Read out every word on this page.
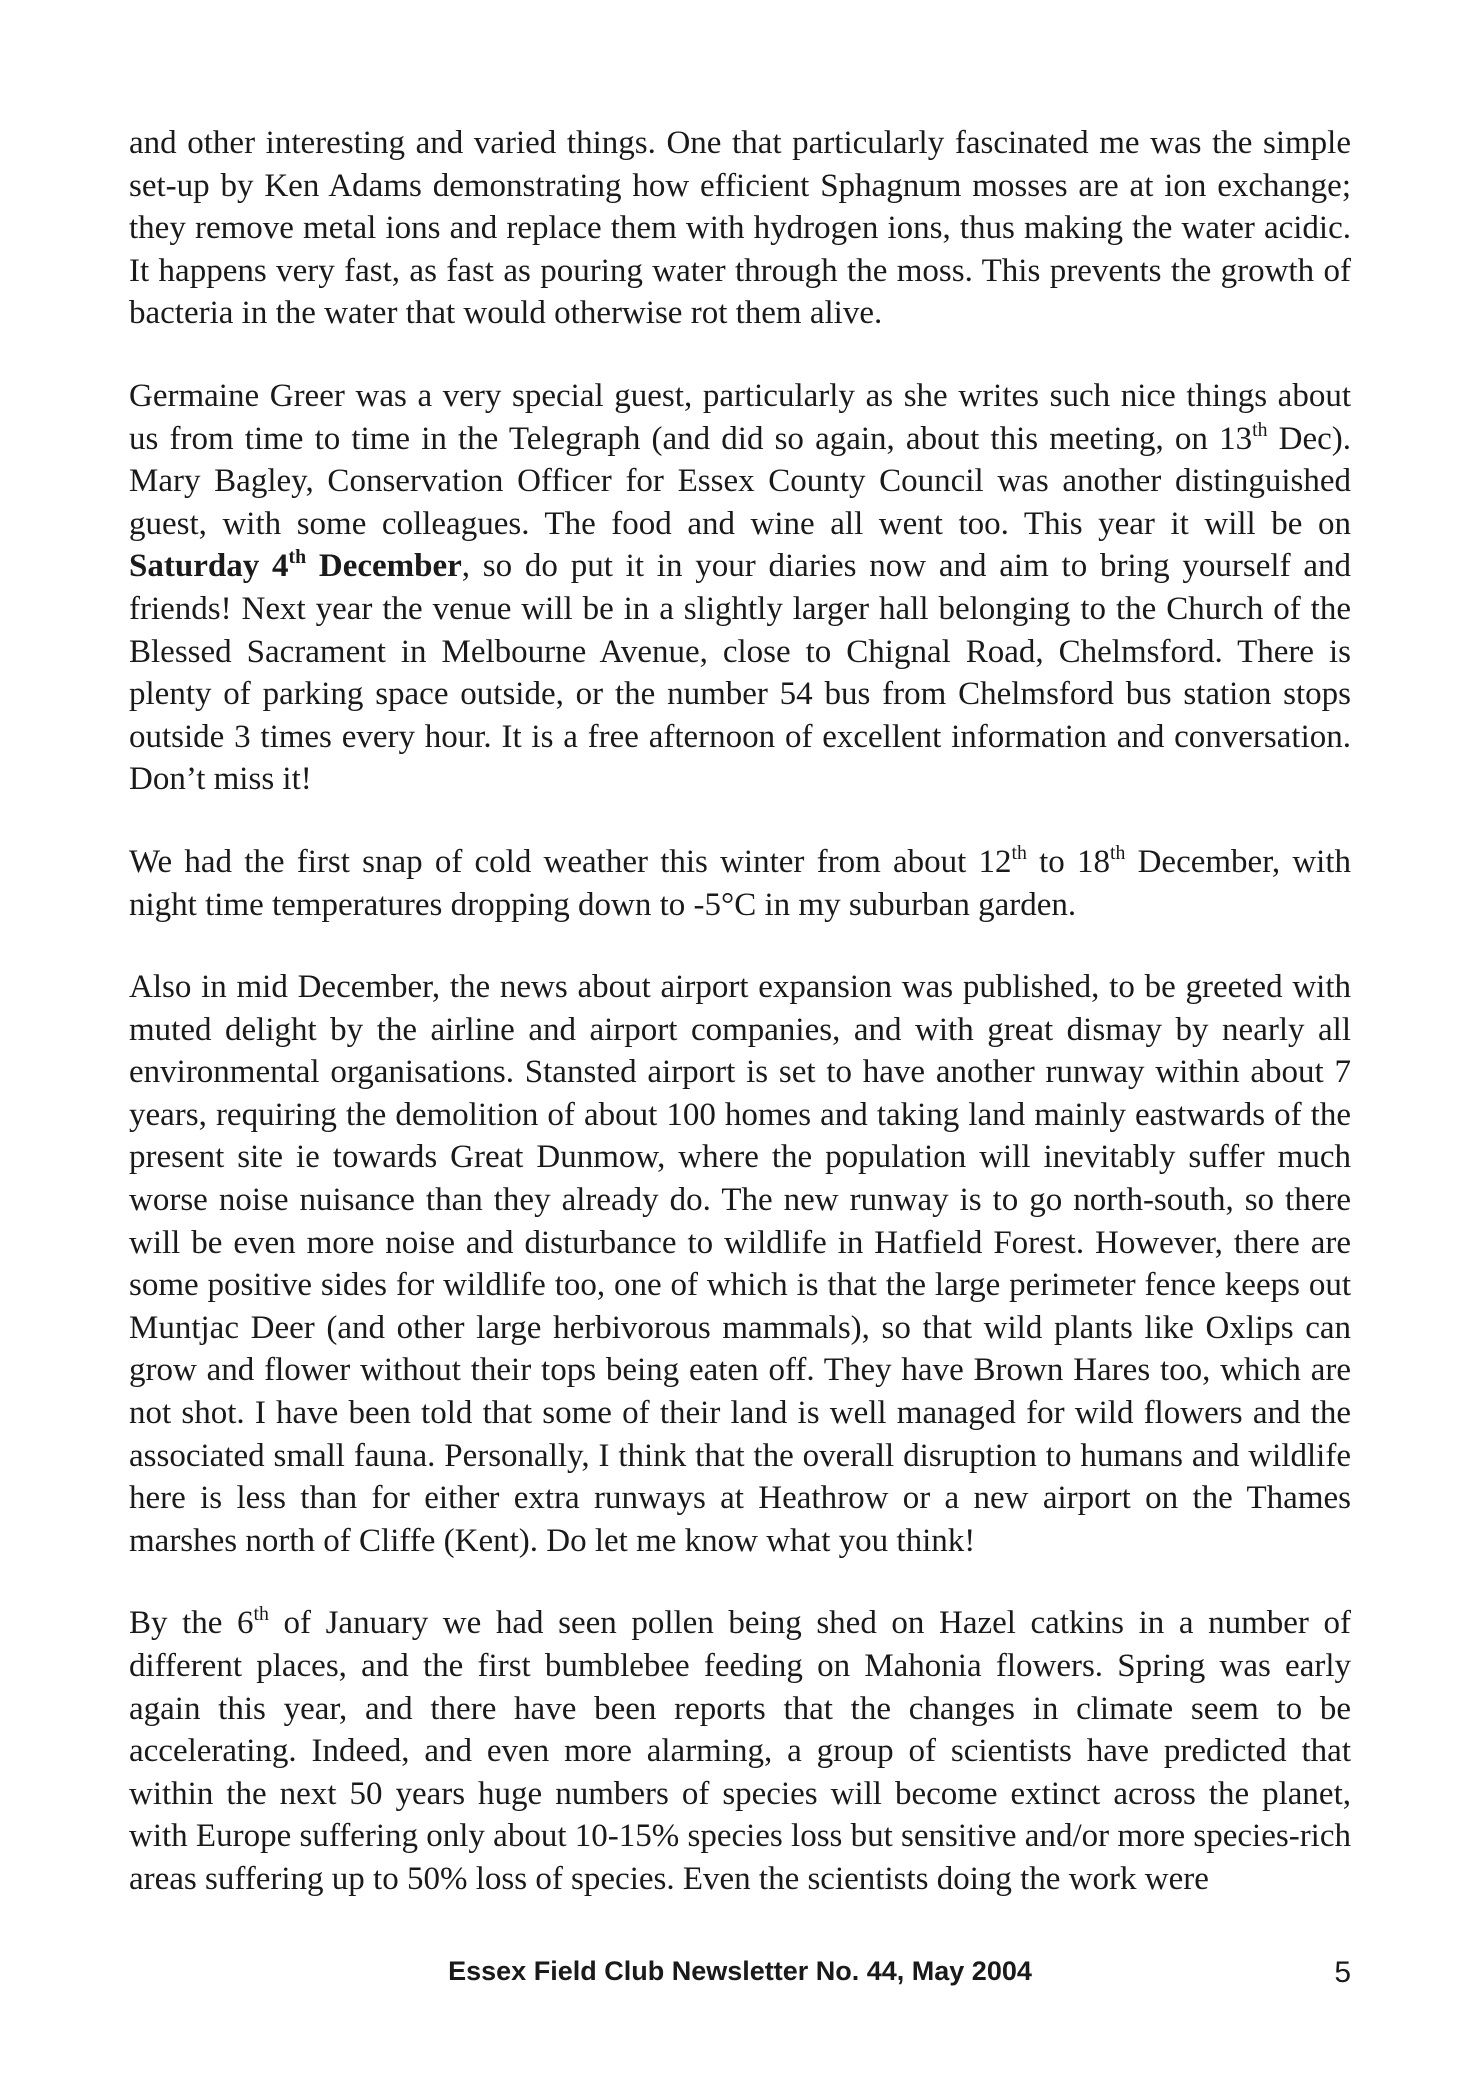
and other interesting and varied things. One that particularly fascinated me was the simple set-up by Ken Adams demonstrating how efficient Sphagnum mosses are at ion exchange; they remove metal ions and replace them with hydrogen ions, thus making the water acidic. It happens very fast, as fast as pouring water through the moss. This prevents the growth of bacteria in the water that would otherwise rot them alive.

Germaine Greer was a very special guest, particularly as she writes such nice things about us from time to time in the Telegraph (and did so again, about this meeting, on 13th Dec). Mary Bagley, Conservation Officer for Essex County Council was another distinguished guest, with some colleagues. The food and wine all went too. This year it will be on Saturday 4th December, so do put it in your diaries now and aim to bring yourself and friends! Next year the venue will be in a slightly larger hall belonging to the Church of the Blessed Sacrament in Melbourne Avenue, close to Chignal Road, Chelmsford. There is plenty of parking space outside, or the number 54 bus from Chelmsford bus station stops outside 3 times every hour. It is a free afternoon of excellent information and conversation. Don’t miss it!

We had the first snap of cold weather this winter from about 12th to 18th December, with night time temperatures dropping down to -5°C in my suburban garden.

Also in mid December, the news about airport expansion was published, to be greeted with muted delight by the airline and airport companies, and with great dismay by nearly all environmental organisations. Stansted airport is set to have another runway within about 7 years, requiring the demolition of about 100 homes and taking land mainly eastwards of the present site ie towards Great Dunmow, where the population will inevitably suffer much worse noise nuisance than they already do. The new runway is to go north-south, so there will be even more noise and disturbance to wildlife in Hatfield Forest. However, there are some positive sides for wildlife too, one of which is that the large perimeter fence keeps out Muntjac Deer (and other large herbivorous mammals), so that wild plants like Oxlips can grow and flower without their tops being eaten off. They have Brown Hares too, which are not shot. I have been told that some of their land is well managed for wild flowers and the associated small fauna. Personally, I think that the overall disruption to humans and wildlife here is less than for either extra runways at Heathrow or a new airport on the Thames marshes north of Cliffe (Kent). Do let me know what you think!

By the 6th of January we had seen pollen being shed on Hazel catkins in a number of different places, and the first bumblebee feeding on Mahonia flowers. Spring was early again this year, and there have been reports that the changes in climate seem to be accelerating. Indeed, and even more alarming, a group of scientists have predicted that within the next 50 years huge numbers of species will become extinct across the planet, with Europe suffering only about 10-15% species loss but sensitive and/or more species-rich areas suffering up to 50% loss of species. Even the scientists doing the work were

Essex Field Club Newsletter No. 44, May 2004	5
